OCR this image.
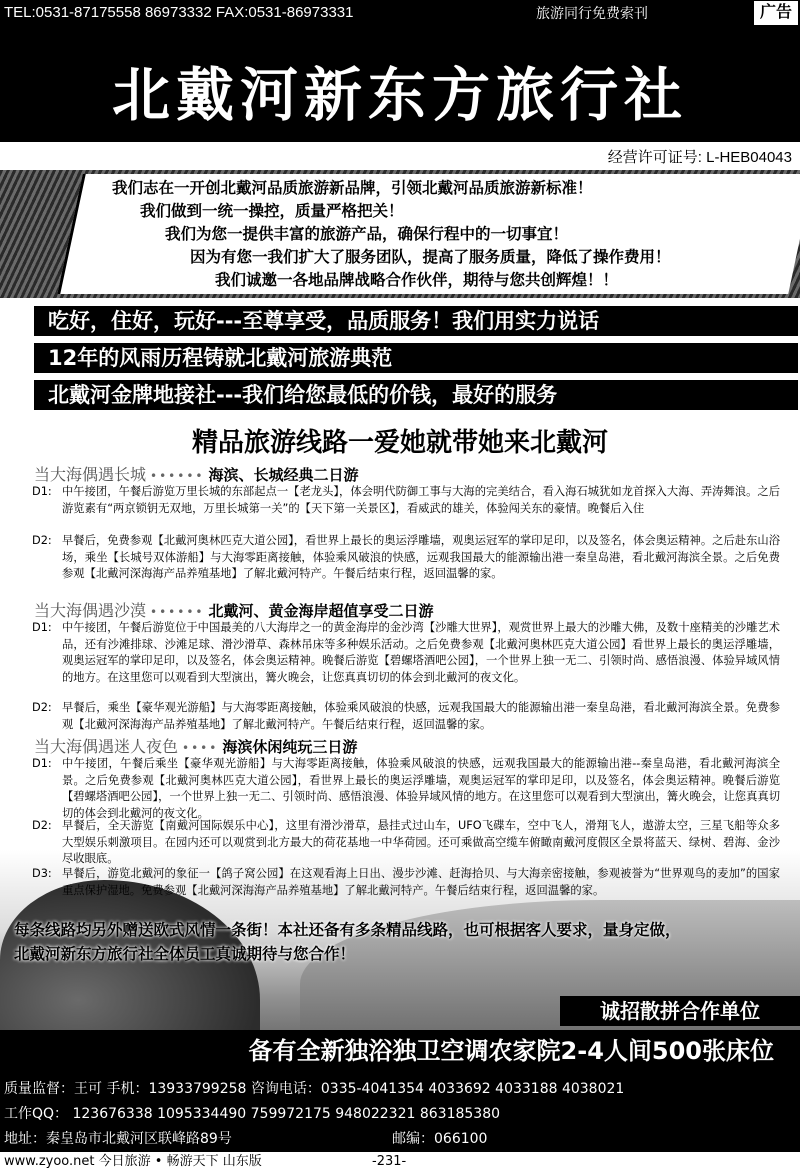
TEL:0531-87175558 86973332 FAX:0531-86973331	旅游同行免费索刊	广告
北戴河新东方旅行社
经营许可证号: L-HEB04043
我们志在一开创北戴河品质旅游新品牌，引领北戴河品质旅游新标准！
我们做到一统一操控，质量严格把关！
我们为您一提供丰富的旅游产品，确保行程中的一切事宜！
因为有您一我们扩大了服务团队，提高了服务质量，降低了操作费用！
我们诚邀一各地品牌战略合作伙伴，期待与您共创辉煌！！
吃好，住好，玩好---至尊享受，品质服务！我们用实力说话
12年的风雨历程铸就北戴河旅游典范
北戴河金牌地接社---我们给您最低的价钱，最好的服务
精品旅游线路一爱她就带她来北戴河
当大海偶遇长城 •••••• 海滨、长城经典二日游
D1: 中午接团，午餐后游览万里长城的东部起点一【老龙头】，体会明代防御工事与大海的完美结合，看入海石城犹如龙首探入大海、弄涛舞浪。之后游览素有“两京锁钥无双地，万里长城第一关”的【天下第一关景区】，看威武的雄关，体验闯关东的豪情。晚餐后入住
D2: 早餐后，免费参观【北戴河奥林匹克大道公园】，看世界上最长的奥运浮雕墙，观奥运冠军的掌印足印，以及签名，体会奥运精神。之后赴东山浴场，乘坐【长城号双体游船】与大海零距离接触，体验乘风破浪的快感，远观我国最大的能源输出港一秦皇岛港，看北戴河海滨全景。之后免费参观【北戴河深海海产品养殖基地】了解北戴河特产。午餐后结束行程，返回温馨的家。
当大海偶遇沙漠 •••••• 北戴河、黄金海岸超值享受二日游
D1: 中午接团，午餐后游览位于中国最美的八大海岸之一的黄金海岸的金沙湾【沙雕大世界】，观赏世界上最大的沙雕大佛，及数十座精美的沙雕艺术品，还有沙滩排球、沙滩足球、滑沙滑草、森林吊床等多种娱乐活动。之后免费参观【北戴河奥林匹克大道公园】看世界上最长的奥运浮雕墙，观奥运冠军的掌印足印，以及签名，体会奥运精神。晚餐后游览【碧螺塔酒吧公园】，一个世界上独一无二、引领时尚、感悟浪漫、体验异域风情的地方。在这里您可以观看到大型演出，篝火晚会，让您真真切切的体会到北戴河的夜文化。
D2: 早餐后，乘坐【豪华观光游船】与大海零距离接触，体验乘风破浪的快感，远观我国最大的能源输出港一秦皇岛港，看北戴河海滨全景。免费参观【北戴河深海海产品养殖基地】了解北戴河特产。午餐后结束行程，返回温馨的家。
当大海偶遇迷人夜色 •••• 海滨休闲纯玩三日游
D1: 中午接团，午餐后乘坐【豪华观光游船】与大海零距离接触，体验乘风破浪的快感，远观我国最大的能源输出港--秦皇岛港，看北戴河海滨全景。之后免费参观【北戴河奥林匹克大道公园】，看世界上最长的奥运浮雕墙，观奥运冠军的掌印足印，以及签名，体会奥运精神。晚餐后游览【碧螺塔酒吧公园】，一个世界上独一无二、引领时尚、感悟浪漫、体验异域风情的地方。在这里您可以观看到大型演出，篝火晚会，让您真真切切的体会到北戴河的夜文化。
D2: 早餐后，全天游览【南戴河国际娱乐中心】，这里有滑沙滑草，悬挂式过山车，UFO飞碟车，空中飞人，滑翔飞人，遨游太空，三星飞船等众多大型娱乐刺激项目。在园内还可以观赏到北方最大的荷花基地一中华荷园。还可乘做高空缆车俯瞰南戴河度假区全景将蓝天、绿树、碧海、金沙尽收眼底。
D3: 早餐后，游览北戴河的象征一【鸽子窝公园】在这观看海上日出、漫步沙滩、赶海拾贝、与大海亲密接触，参观被誉为“世界观鸟的麦加”的国家重点保护湿地。免费参观【北戴河深海海产品养殖基地】了解北戴河特产。午餐后结束行程，返回温馨的家。
每条线路均另外赠送欧式风情一条街！本社还备有多条精品线路，也可根据客人要求，量身定做，
北戴河新东方旅行社全体员工真诚期待与您合作！
诚招散拼合作单位
备有全新独浴独卫空调农家院2-4人间500张床位
质量监督：王可 手机：13933799258 咨询电话：0335-4041354 4033692 4033188 4038021
工作QQ： 123676338 1095334490 759972175 948022321 863185380
地址：秦皇岛市北戴河区联峰路89号	邮编：066100
www.zyoo.net 今日旅游 • 畅游天下 山东版	-231-
